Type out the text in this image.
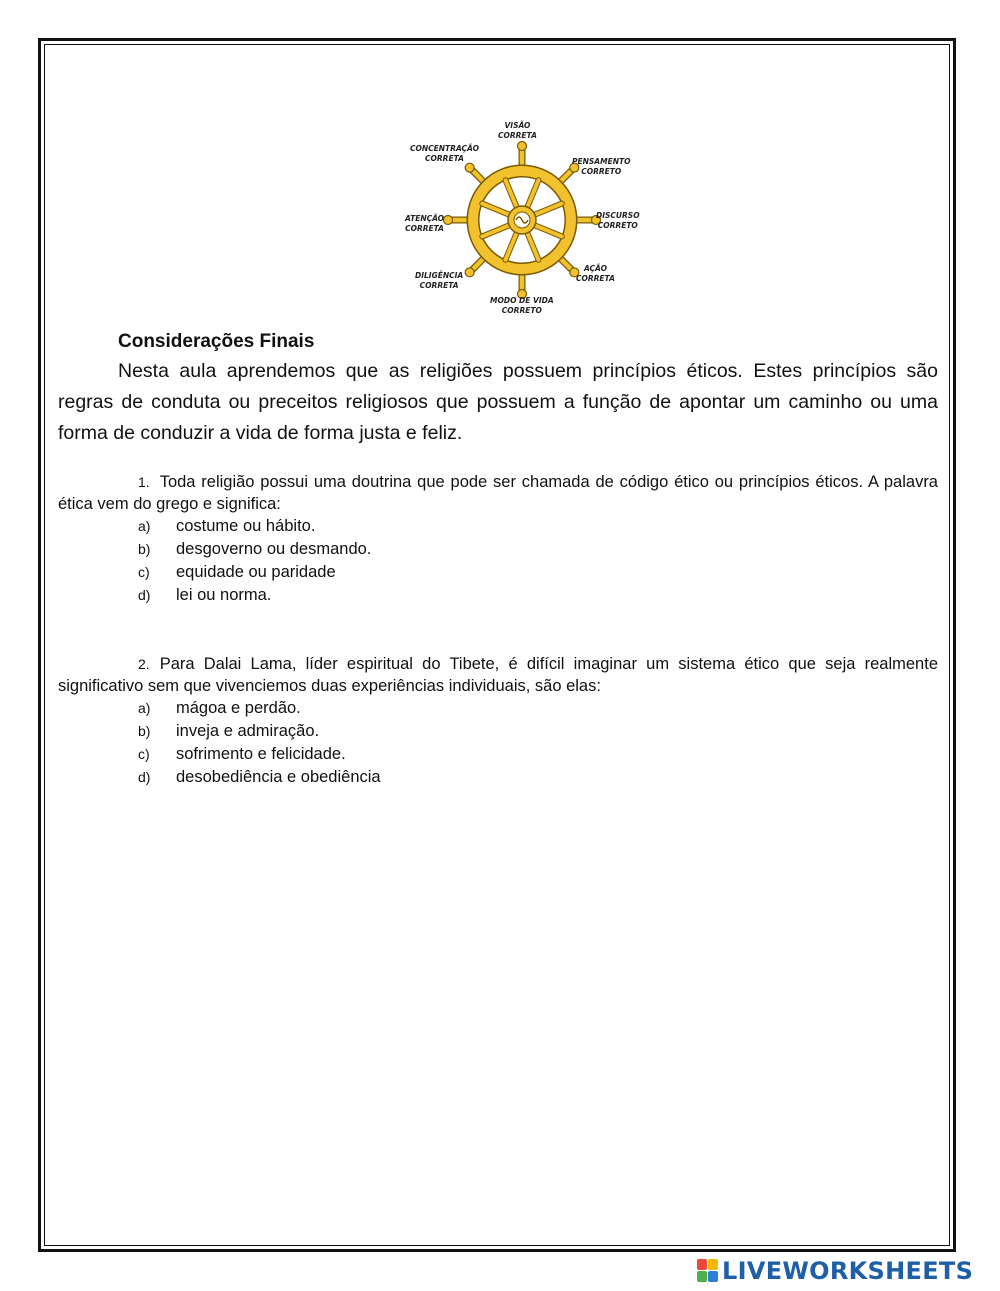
VISÃO
CORRETA
CONCENTRAÇÃO
CORRETA	PENSAMENTO
CORRETO
ATENÇÃO
CORRETA
DISCURSO
CORRETO
DILIGÊNCIA
CORRETA
AÇÃO
CORRETA
MODO DE VIDA
CORRETO
Considerações Finais

Nesta aula aprendemos que as religiões possuem princípios éticos. Estes princípios são regras de conduta ou preceitos religiosos que possuem a função de apontar um caminho ou uma forma de conduzir a vida de forma justa e feliz.

1. Toda religião possui uma doutrina que pode ser chamada de código ético ou princípios éticos. A palavra ética vem do grego e significa:

a) costume ou hábito.
b) desgoverno ou desmando.
c) equidade ou paridade
d) lei ou norma.

2. Para Dalai Lama, líder espiritual do Tibete, é difícil imaginar um sistema ético que seja realmente significativo sem que vivenciemos duas experiências individuais, são elas:

a) mágoa e perdão.
b) inveja e admiração.
c) sofrimento e felicidade.
d) desobediência e obediência
LIVEWORKSHEETS
